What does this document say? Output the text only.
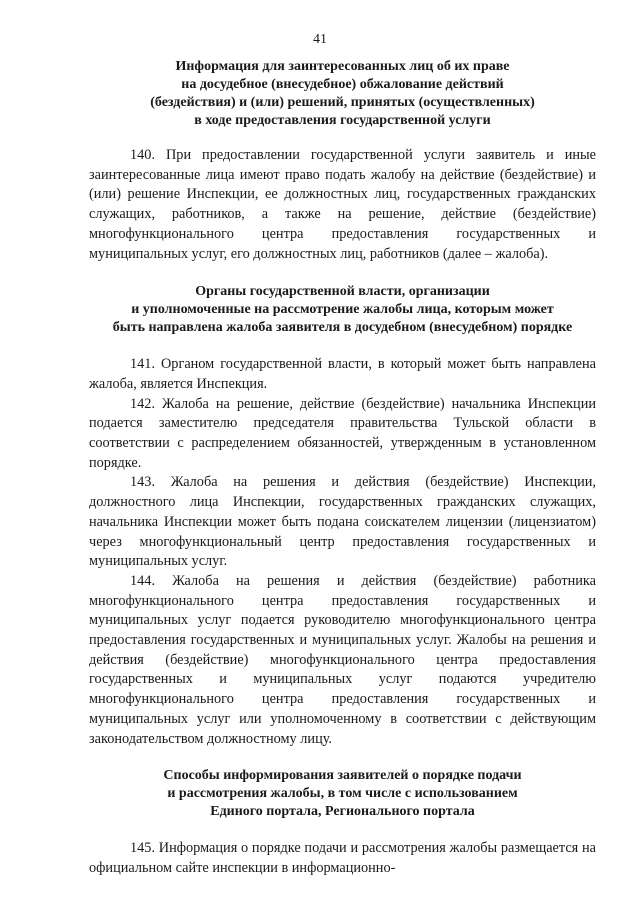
41
Информация для заинтересованных лиц об их праве
на досудебное (внесудебное) обжалование действий
(бездействия) и (или) решений, принятых (осуществленных)
в ходе предоставления государственной услуги

140. При предоставлении государственной услуги заявитель и иные заинтересованные лица имеют право подать жалобу на действие (бездействие) и (или) решение Инспекции, ее должностных лиц, государственных гражданских служащих, работников, а также на решение, действие (бездействие) многофункционального центра предоставления государственных и муниципальных услуг, его должностных лиц, работников (далее – жалоба).

Органы государственной власти, организации
и уполномоченные на рассмотрение жалобы лица, которым может
быть направлена жалоба заявителя в досудебном (внесудебном) порядке

141. Органом государственной власти, в который может быть направлена жалоба, является Инспекция.

142. Жалоба на решение, действие (бездействие) начальника Инспекции подается заместителю председателя правительства Тульской области в соответствии с распределением обязанностей, утвержденным в установленном порядке.

143. Жалоба на решения и действия (бездействие) Инспекции, должностного лица Инспекции, государственных гражданских служащих, начальника Инспекции может быть подана соискателем лицензии (лицензиатом) через многофункциональный центр предоставления государственных и муниципальных услуг.

144. Жалоба на решения и действия (бездействие) работника многофункционального центра предоставления государственных и муниципальных услуг подается руководителю многофункционального центра предоставления государственных и муниципальных услуг. Жалобы на решения и действия (бездействие) многофункционального центра предоставления государственных и муниципальных услуг подаются учредителю многофункционального центра предоставления государственных и муниципальных услуг или уполномоченному в соответствии с действующим законодательством должностному лицу.

Способы информирования заявителей о порядке подачи
и рассмотрения жалобы, в том числе с использованием
Единого портала, Регионального портала

145. Информация о порядке подачи и рассмотрения жалобы размещается на официальном сайте инспекции в информационно-
